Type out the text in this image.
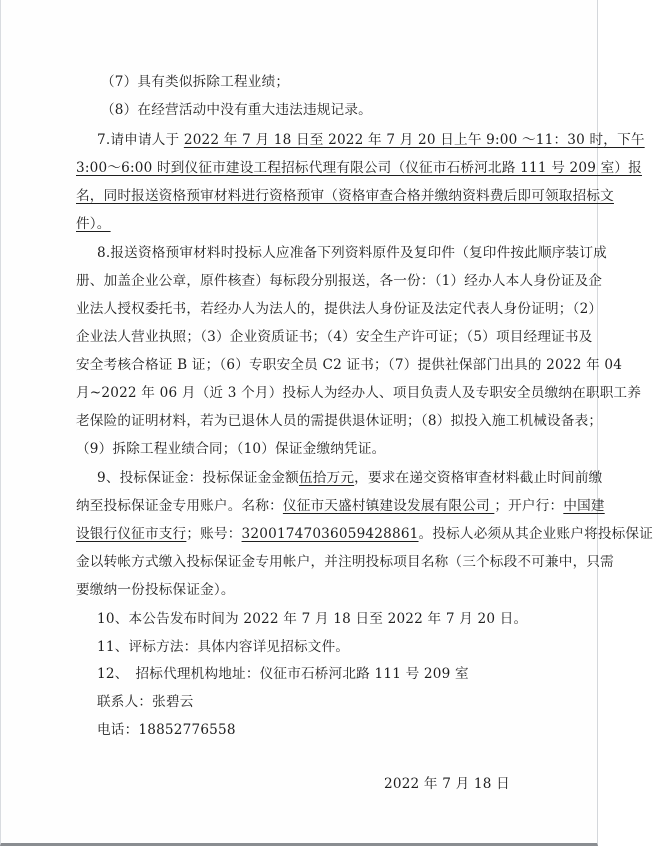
（7）具有类似拆除工程业绩；
（8）在经营活动中没有重大违法违规记录。
7.请申请人于 2022 年 7 月 18 日至 2022 年 7 月 20 日上午 9:00 ～11：30 时，下午
3:00～6:00 时到仪征市建设工程招标代理有限公司（仪征市石桥河北路 111 号 209 室）报
名，同时报送资格预审材料进行资格预审（资格审查合格并缴纳资料费后即可领取招标文
件）。
8.报送资格预审材料时投标人应准备下列资料原件及复印件（复印件按此顺序装订成
册、加盖企业公章，原件核查）每标段分别报送，各一份：（1）经办人本人身份证及企
业法人授权委托书，若经办人为法人的，提供法人身份证及法定代表人身份证明；（2）
企业法人营业执照；（3）企业资质证书；（4）安全生产许可证；（5）项目经理证书及
安全考核合格证 B 证；（6）专职安全员 C2 证书；（7）提供社保部门出具的 2022 年 04
月~2022 年 06 月（近 3 个月）投标人为经办人、项目负责人及专职安全员缴纳在职职工养
老保险的证明材料，若为已退休人员的需提供退休证明；（8）拟投入施工机械设备表；
（9）拆除工程业绩合同；（10）保证金缴纳凭证。
9、投标保证金：投标保证金金额伍拾万元，要求在递交资格审查材料截止时间前缴
纳至投标保证金专用账户。名称：仪征市天盛村镇建设发展有限公司 ；开户行：中国建
设银行仪征市支行；账号：32001747036059428861。投标人必须从其企业账户将投标保证
金以转帐方式缴入投标保证金专用帐户，并注明投标项目名称（三个标段不可兼中，只需
要缴纳一份投标保证金）。
10、本公告发布时间为 2022 年 7 月 18 日至 2022 年 7 月 20 日。
11、评标方法：具体内容详见招标文件。
12、　招标代理机构地址：仪征市石桥河北路 111 号 209 室
联系人：张碧云
电话：18852776558
2022 年 7 月 18 日
